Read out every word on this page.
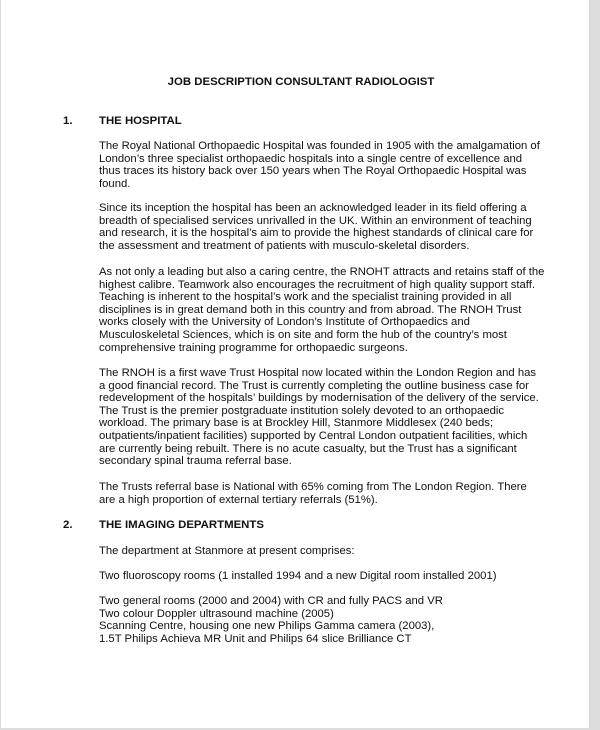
JOB DESCRIPTION CONSULTANT RADIOLOGIST
1. THE HOSPITAL
The Royal National Orthopaedic Hospital was founded in 1905 with the amalgamation of
London’s three specialist orthopaedic hospitals into a single centre of excellence and
thus traces its history back over 150 years when The Royal Orthopaedic Hospital was
found.
Since its inception the hospital has been an acknowledged leader in its field offering a
breadth of specialised services unrivalled in the UK. Within an environment of teaching
and research, it is the hospital’s aim to provide the highest standards of clinical care for
the assessment and treatment of patients with musculo-skeletal disorders.
As not only a leading but also a caring centre, the RNOHT attracts and retains staff of the
highest calibre. Teamwork also encourages the recruitment of high quality support staff.
Teaching is inherent to the hospital’s work and the specialist training provided in all
disciplines is in great demand both in this country and from abroad. The RNOH Trust
works closely with the University of London’s Institute of Orthopaedics and
Musculoskeletal Sciences, which is on site and form the hub of the country’s most
comprehensive training programme for orthopaedic surgeons.
The RNOH is a first wave Trust Hospital now located within the London Region and has
a good financial record. The Trust is currently completing the outline business case for
redevelopment of the hospitals’ buildings by modernisation of the delivery of the service.
The Trust is the premier postgraduate institution solely devoted to an orthopaedic
workload. The primary base is at Brockley Hill, Stanmore Middlesex (240 beds;
outpatients/inpatient facilities) supported by Central London outpatient facilities, which
are currently being rebuilt. There is no acute casualty, but the Trust has a significant
secondary spinal trauma referral base.
The Trusts referral base is National with 65% coming from The London Region. There
are a high proportion of external tertiary referrals (51%).
2. THE IMAGING DEPARTMENTS
The department at Stanmore at present comprises:
Two fluoroscopy rooms (1 installed 1994 and a new Digital room installed 2001)
Two general rooms (2000 and 2004) with CR and fully PACS and VR
Two colour Doppler ultrasound machine (2005)
Scanning Centre, housing one new Philips Gamma camera (2003),
1.5T Philips Achieva MR Unit and Philips 64 slice Brilliance CT
